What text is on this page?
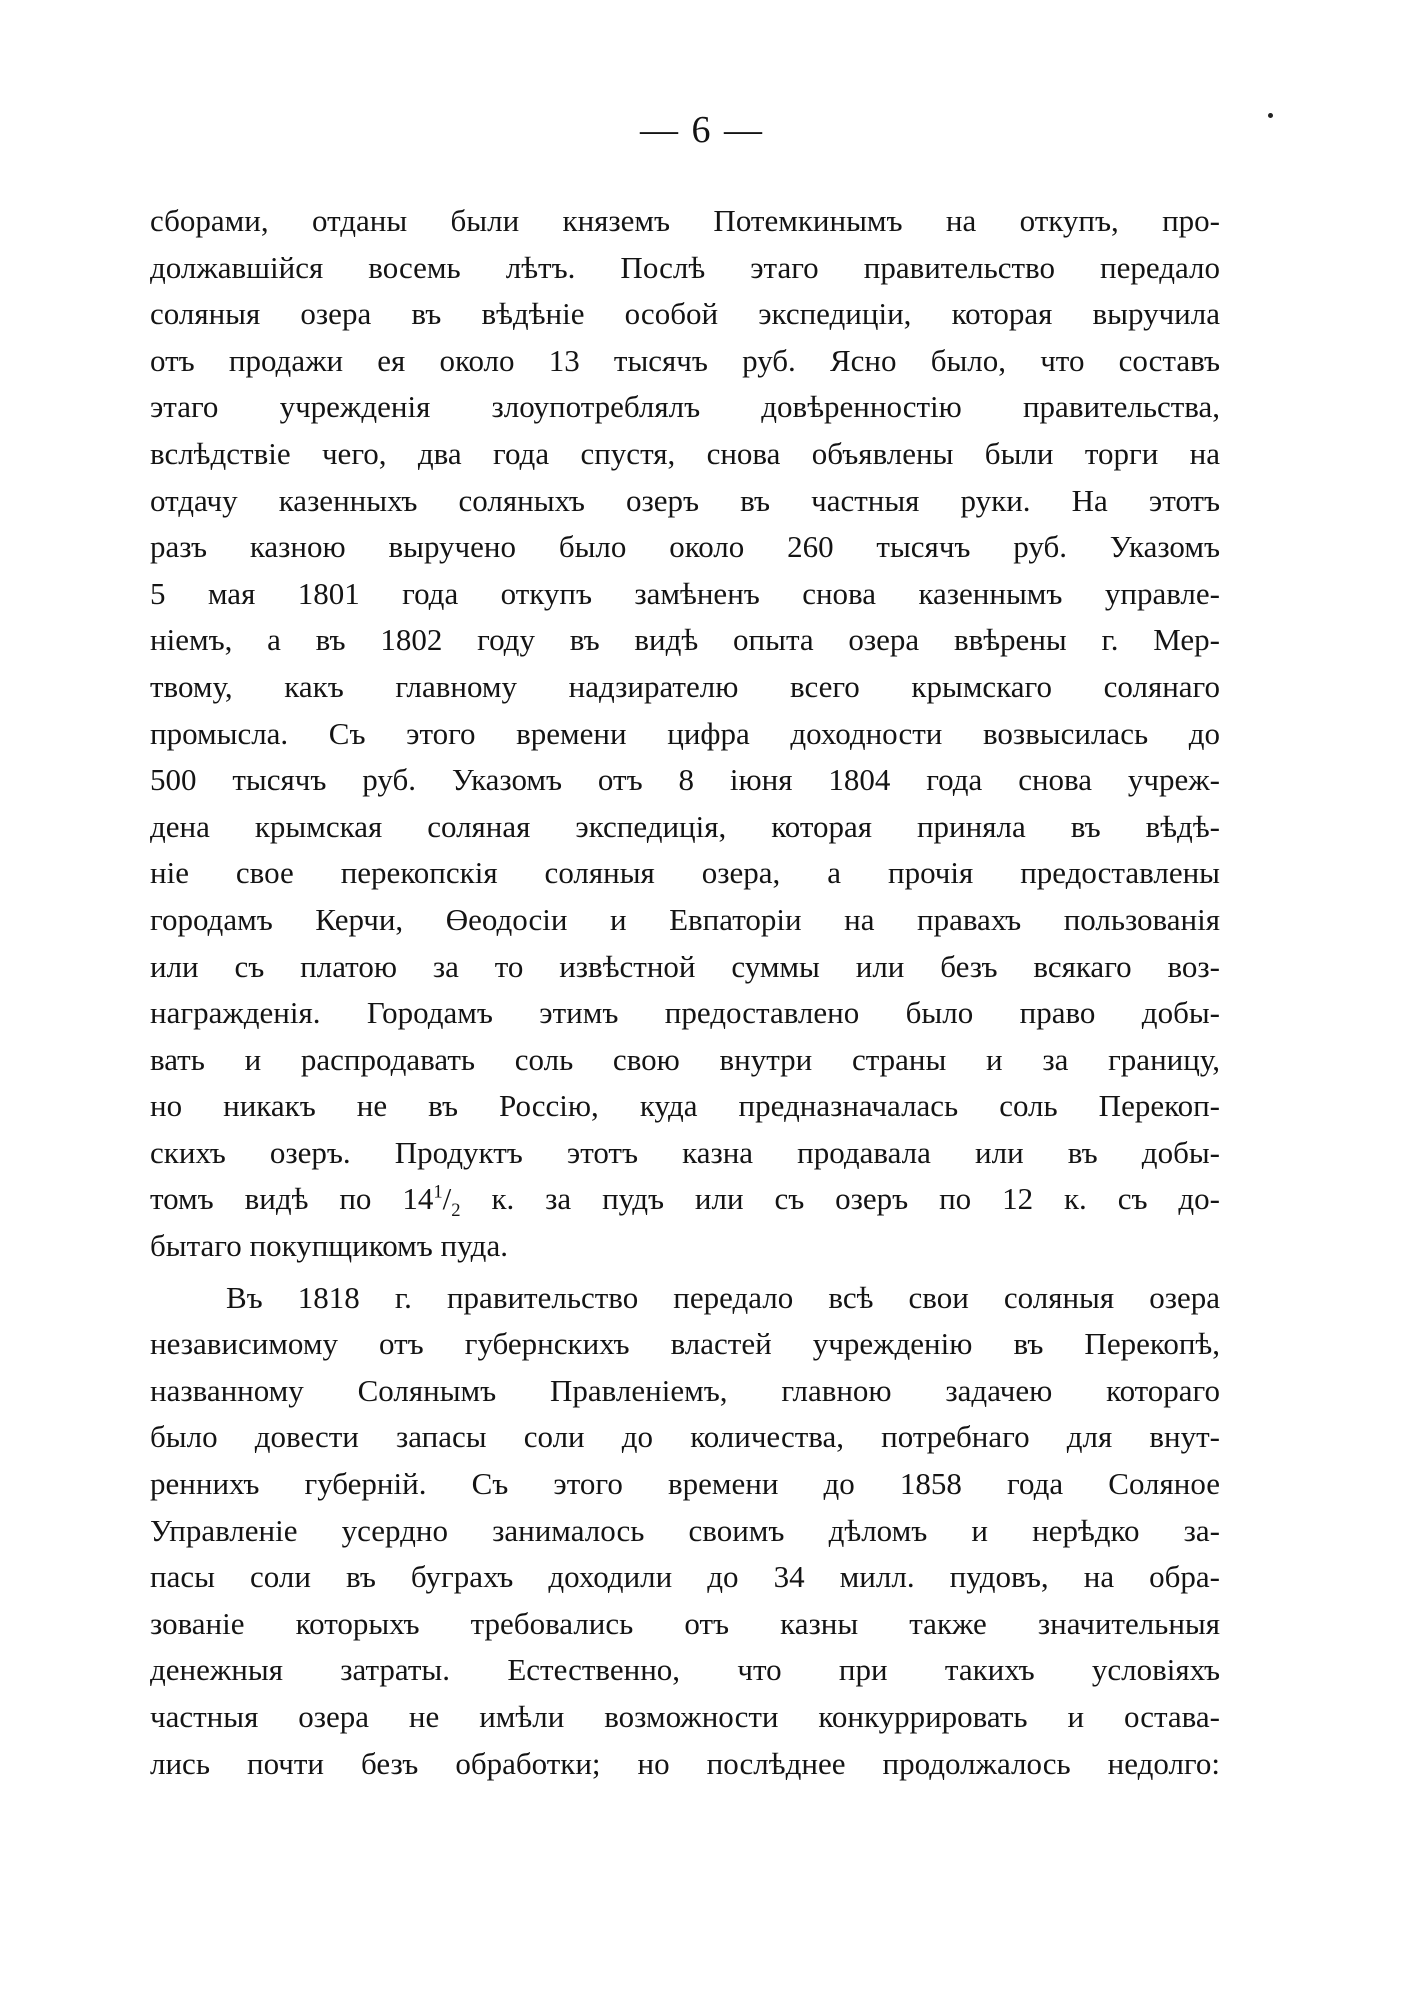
— 6 —
сборами, отданы были княземъ Потемкинымъ на откупъ, про-
должавшійся восемь лѣтъ. Послѣ этаго правительство передало
соляныя озера въ вѣдѣніе особой экспедиціи, которая выручила
отъ продажи ея около 13 тысячъ руб. Ясно было, что составъ
этаго учрежденія злоупотреблялъ довѣренностію правительства,
вслѣдствіе чего, два года спустя, снова объявлены были торги на
отдачу казенныхъ соляныхъ озеръ въ частныя руки. На этотъ
разъ казною выручено было около 260 тысячъ руб. Указомъ
5 мая 1801 года откупъ замѣненъ снова казеннымъ управле-
ніемъ, а въ 1802 году въ видѣ опыта озера ввѣрены г. Мер-
твому, какъ главному надзирателю всего крымскаго солянаго
промысла. Съ этого времени цифра доходности возвысилась до
500 тысячъ руб. Указомъ отъ 8 іюня 1804 года снова учреж-
дена крымская соляная экспедиція, которая приняла въ вѣдѣ-
ніе свое перекопскія соляныя озера, а прочія предоставлены
городамъ Керчи, Өеодосіи и Евпаторіи на правахъ пользованія
или съ платою за то извѣстной суммы или безъ всякаго воз-
награжденія. Городамъ этимъ предоставлено было право добы-
вать и распродавать соль свою внутри страны и за границу,
но никакъ не въ Россію, куда предназначалась соль Перекоп-
скихъ озеръ. Продуктъ этотъ казна продавала или въ добы-
томъ видѣ по $14^1/_2$ к. за пудъ или съ озеръ по 12 к. съ до-
бытаго покупщикомъ пуда.
Въ 1818 г. правительство передало всѣ свои соляныя озера
независимому отъ губернскихъ властей учрежденію въ Перекопѣ,
названному Солянымъ Правленіемъ, главною задачею котораго
было довести запасы соли до количества, потребнаго для внут-
реннихъ губерній. Съ этого времени до 1858 года Соляное
Управленіе усердно занималось своимъ дѣломъ и нерѣдко за-
пасы соли въ буграхъ доходили до 34 милл. пудовъ, на обра-
зованіе которыхъ требовались отъ казны также значительныя
денежныя затраты. Естественно, что при такихъ условіяхъ
частныя озера не имѣли возможности конкуррировать и остава-
лись почти безъ обработки; но послѣднее продолжалось недолго:
